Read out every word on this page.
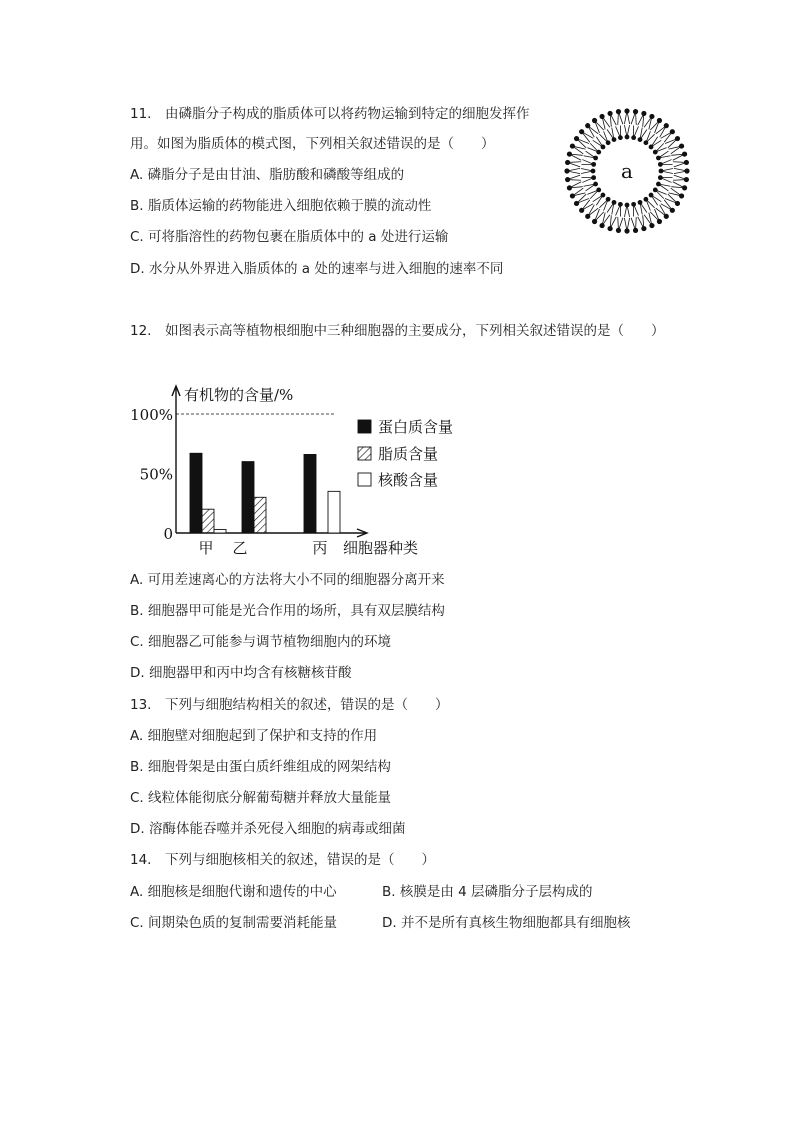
11.　由磷脂分子构成的脂质体可以将药物运输到特定的细胞发挥作
用。如图为脂质体的模式图，下列相关叙述错误的是（　　）
A. 磷脂分子是由甘油、脂肪酸和磷酸等组成的
B. 脂质体运输的药物能进入细胞依赖于膜的流动性
C. 可将脂溶性的药物包裹在脂质体中的 a 处进行运输
D. 水分从外界进入脂质体的 a 处的速率与进入细胞的速率不同
a
12.　如图表示高等植物根细胞中三种细胞器的主要成分，下列相关叙述错误的是（　　）
有机物的含量/%
100%
50%
0
甲 乙	丙 细胞器种类
蛋白质含量
脂质含量
核酸含量
A. 可用差速离心的方法将大小不同的细胞器分离开来
B. 细胞器甲可能是光合作用的场所，具有双层膜结构
C. 细胞器乙可能参与调节植物细胞内的环境
D. 细胞器甲和丙中均含有核糖核苷酸
13.　下列与细胞结构相关的叙述，错误的是（　　）
A. 细胞壁对细胞起到了保护和支持的作用
B. 细胞骨架是由蛋白质纤维组成的网架结构
C. 线粒体能彻底分解葡萄糖并释放大量能量
D. 溶酶体能吞噬并杀死侵入细胞的病毒或细菌
14.　下列与细胞核相关的叙述，错误的是（　　）
A. 细胞核是细胞代谢和遗传的中心	B. 核膜是由 4 层磷脂分子层构成的
C. 间期染色质的复制需要消耗能量	D. 并不是所有真核生物细胞都具有细胞核
